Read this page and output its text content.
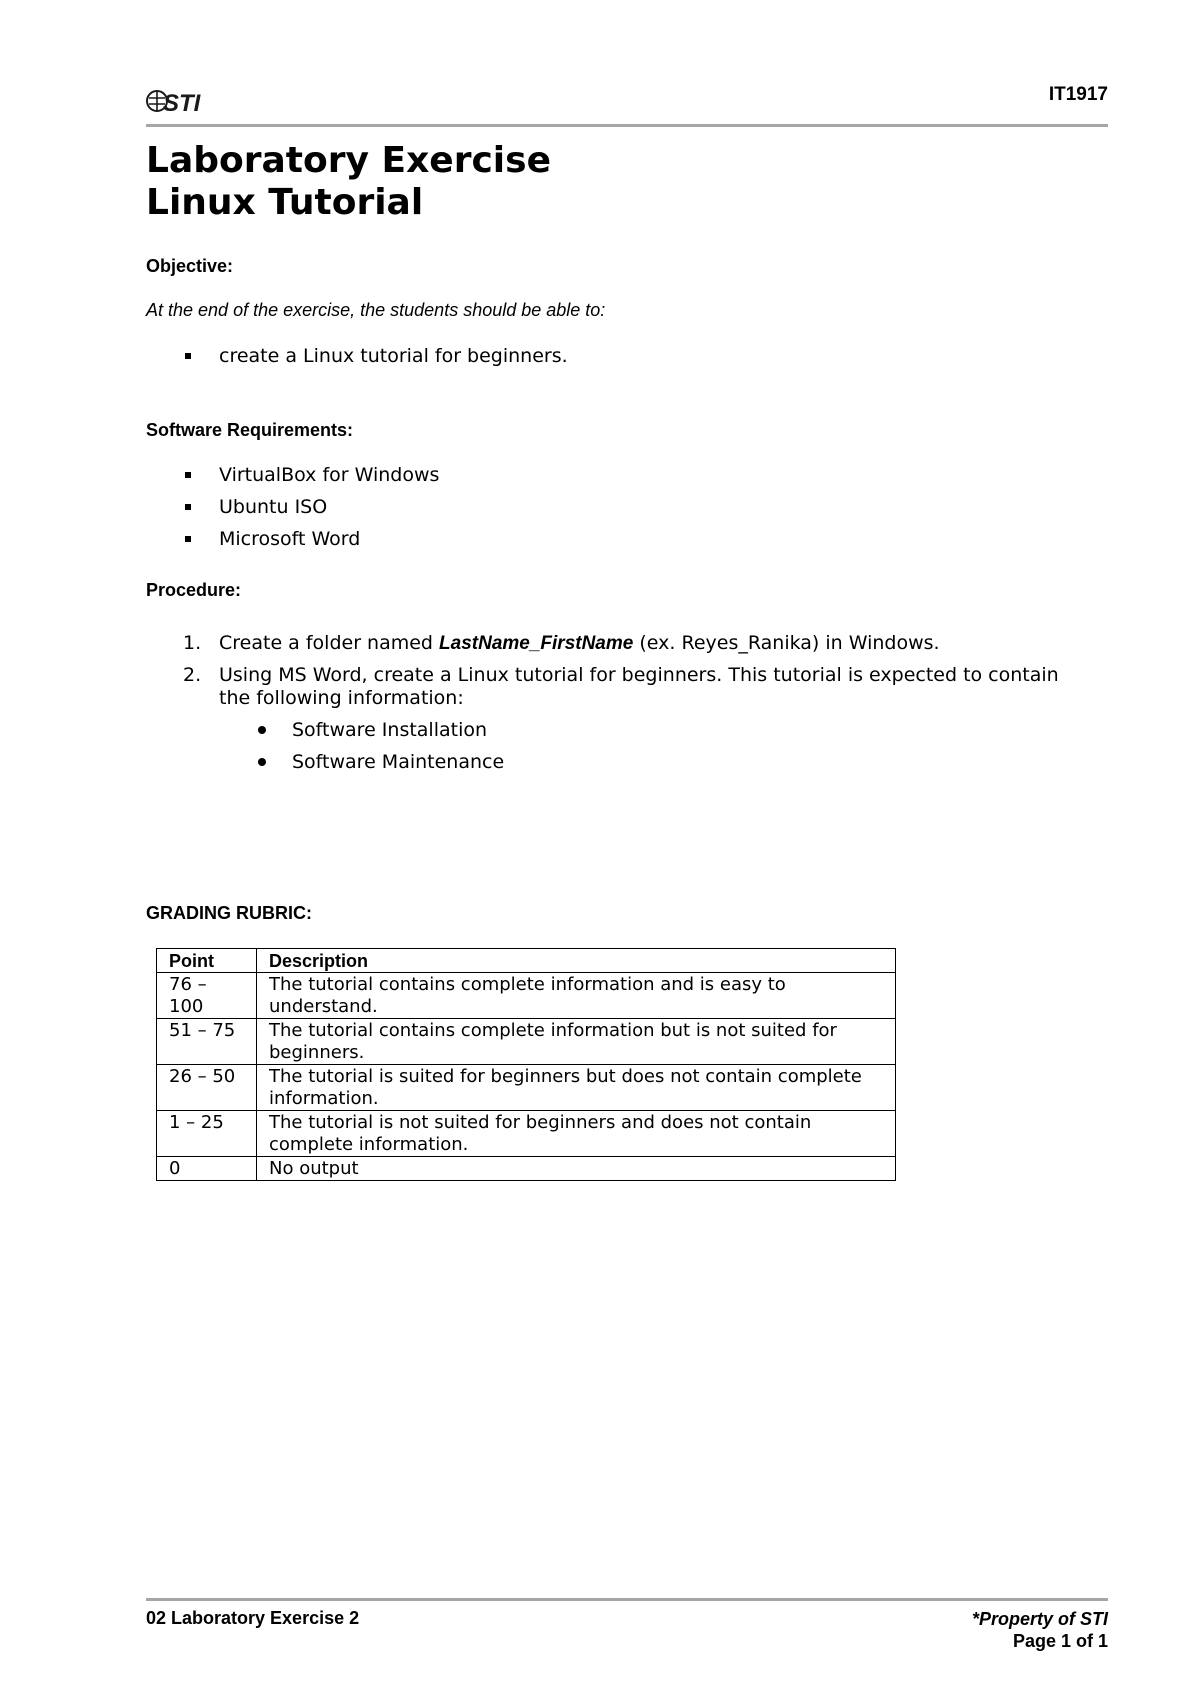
STI	IT1917
Laboratory Exercise
Linux Tutorial
Objective:
At the end of the exercise, the students should be able to:
create a Linux tutorial for beginners.
Software Requirements:
VirtualBox for Windows
Ubuntu ISO
Microsoft Word
Procedure:
1. Create a folder named LastName_FirstName (ex. Reyes_Ranika) in Windows.
2. Using MS Word, create a Linux tutorial for beginners. This tutorial is expected to contain the following information:
Software Installation
Software Maintenance
GRADING RUBRIC:
Point	Description
76 – 100	The tutorial contains complete information and is easy to understand.
51 – 75	The tutorial contains complete information but is not suited for beginners.
26 – 50	The tutorial is suited for beginners but does not contain complete information.
1 – 25	The tutorial is not suited for beginners and does not contain complete information.
0	No output
02 Laboratory Exercise 2	*Property of STI
Page 1 of 1
